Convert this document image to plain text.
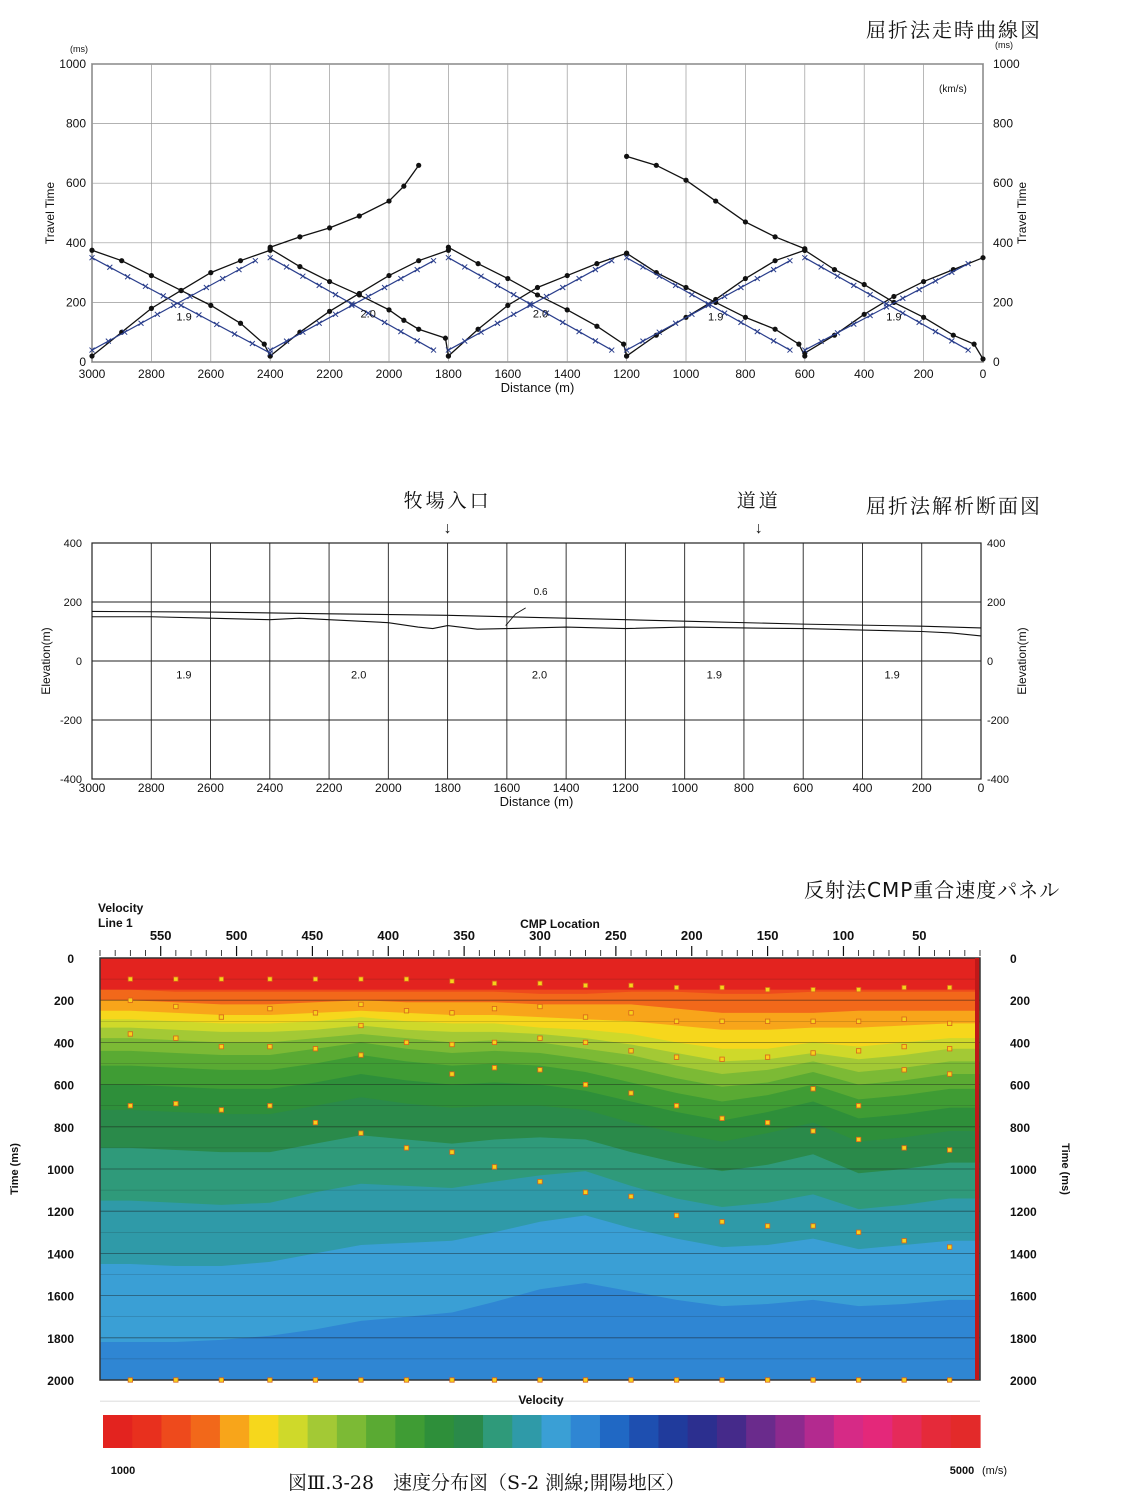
屈折法走時曲線図
屈折法解析断面図
反射法CMP重合速度パネル
3000	2800	2600	2400	2200	2000	1800	1600	1400	1200	1000	800	600	400	200	0
0	0
200	200
400	400
600	600
800	800
1000	1000
(ms)	(ms)
(km/s)
Distance (m)
Travel Time	Travel Time
1.9	2.0	2.0	1.9	1.9
3000	2800	2600	2400	2200	2000	1800	1600	1400	1200	1000	800	600	400	200	0
400	400
200	200
0	0
-200	-200
-400	-400
Distance (m)
Elevation(m)	Elevation(m)
牧場入口
↓
道道
↓
0.6
1.9	2.0	2.0	1.9	1.9
Velocity
Line 1	CMP Location
0	0
200	200
400	400
600	600
800	800
1000	1000
1200	1200
1400	1400
1600	1600
1800	1800
2000	2000
550	500	450	400	350	300	250	200	150	100	50
Time (ms)	Time (ms)
Velocity
1000	5000 (m/s)
図Ⅲ.3-28　速度分布図（S-2 測線;開陽地区）
